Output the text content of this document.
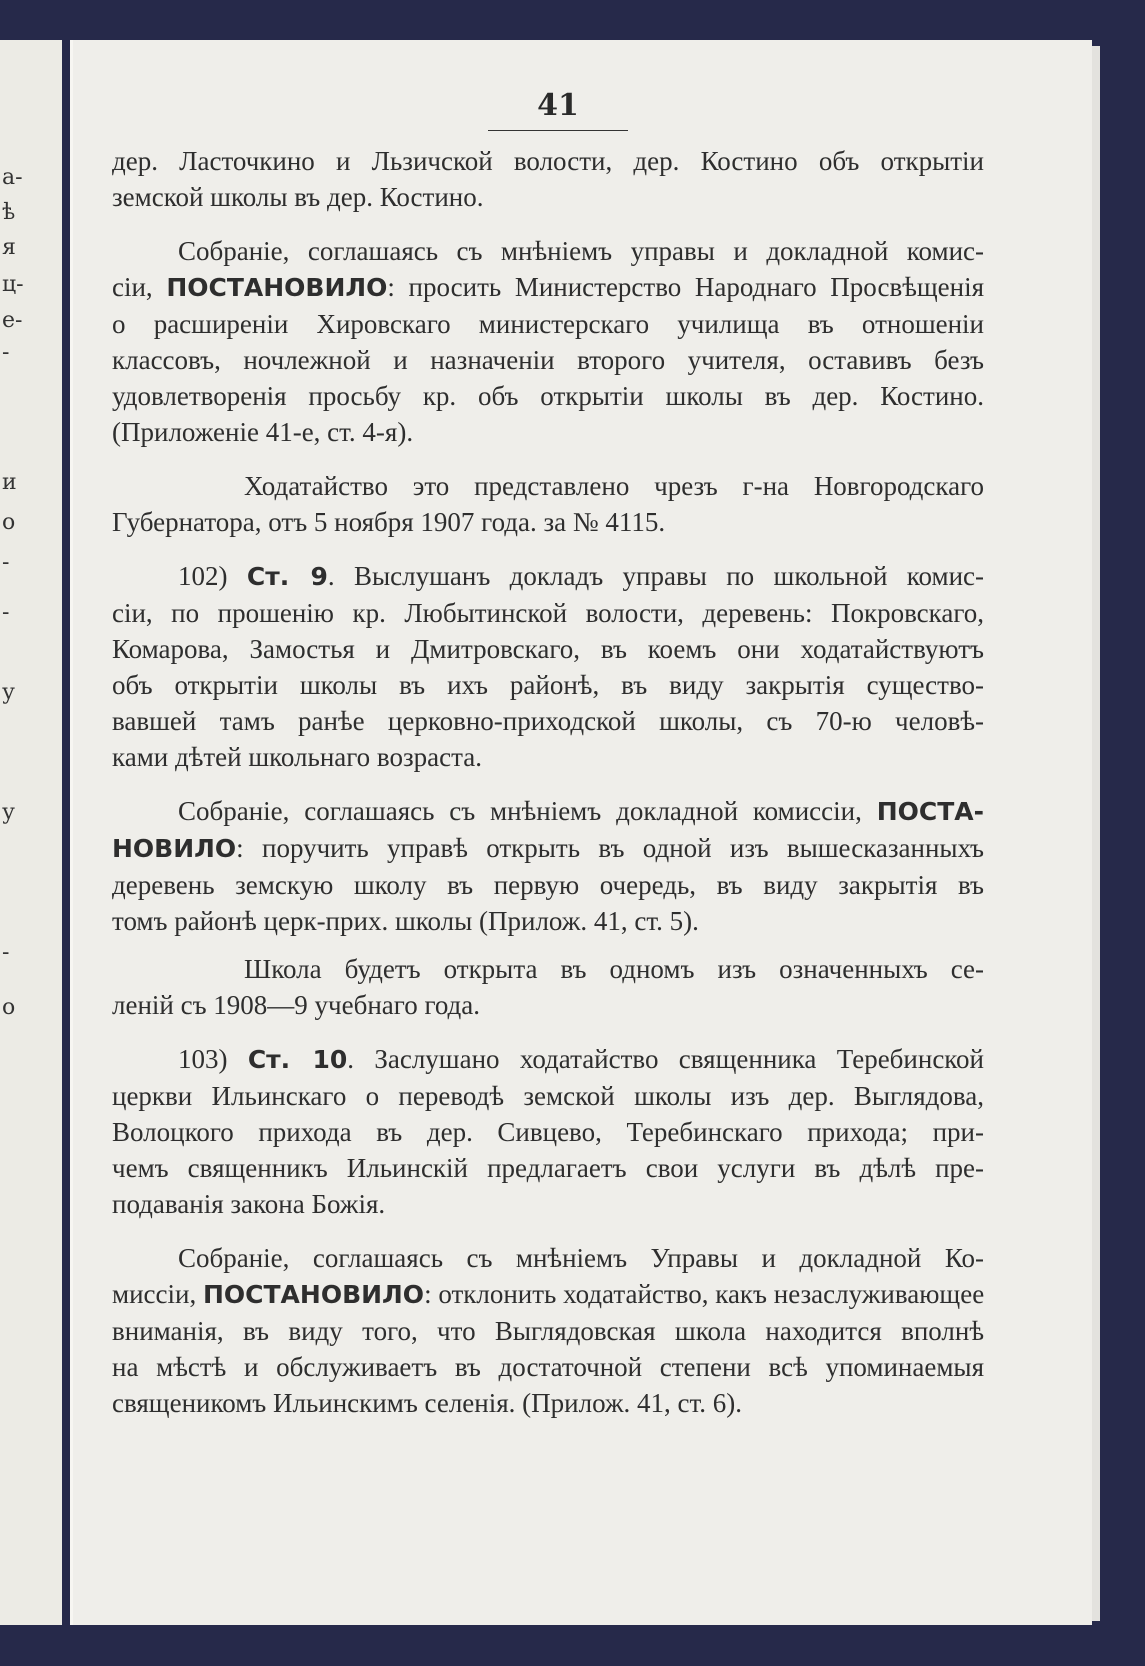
а-
ѣ
я
ц-
е-
-
и
о
-
-
у
у
-
о
41

дер. Ласточкино и Льзичской волости, дер. Костино объ открытіи
земской школы въ дер. Костино.

Собраніе, соглашаясь съ мнѣніемъ управы и докладной комис-
сіи, ПОСТАНОВИЛО: просить Министерство Народнаго Просвѣщенія
о расширеніи Хировскаго министерскаго училища въ отношеніи
классовъ, ночлежной и назначеніи второго учителя, оставивъ безъ
удовлетворенія просьбу кр. объ открытіи школы въ дер. Костино.
(Приложеніе 41-е, ст. 4-я).

Ходатайство это представлено чрезъ г-на Новгородскаго
Губернатора, отъ 5 ноября 1907 года. за № 4115.

102) Ст. 9. Выслушанъ докладъ управы по школьной комис-
сіи, по прошенію кр. Любытинской волости, деревень: Покровскаго,
Комарова, Замостья и Дмитровскаго, въ коемъ они ходатайствуютъ
объ открытіи школы въ ихъ районѣ, въ виду закрытія существо-
вавшей тамъ ранѣе церковно-приходской школы, съ 70-ю человѣ-
ками дѣтей школьнаго возраста.

Собраніе, соглашаясь съ мнѣніемъ докладной комиссіи, ПОСТА-
НОВИЛО: поручить управѣ открыть въ одной изъ вышесказанныхъ
деревень земскую школу въ первую очередь, въ виду закрытія въ
томъ районѣ церк-прих. школы (Прилож. 41, ст. 5).

Школа будетъ открыта въ одномъ изъ означенныхъ се-
леній съ 1908—9 учебнаго года.

103) Ст. 10. Заслушано ходатайство священника Теребинской
церкви Ильинскаго о переводѣ земской школы изъ дер. Выглядова,
Волоцкого прихода въ дер. Сивцево, Теребинскаго прихода; при-
чемъ священникъ Ильинскій предлагаетъ свои услуги въ дѣлѣ пре-
подаванія закона Божія.

Собраніе, соглашаясь съ мнѣніемъ Управы и докладной Ко-
миссіи, ПОСТАНОВИЛО: отклонить ходатайство, какъ незаслуживающее
вниманія, въ виду того, что Выглядовская школа находится вполнѣ
на мѣстѣ и обслуживаетъ въ достаточной степени всѣ упоминаемыя
священикомъ Ильинскимъ селенія. (Прилож. 41, ст. 6).
